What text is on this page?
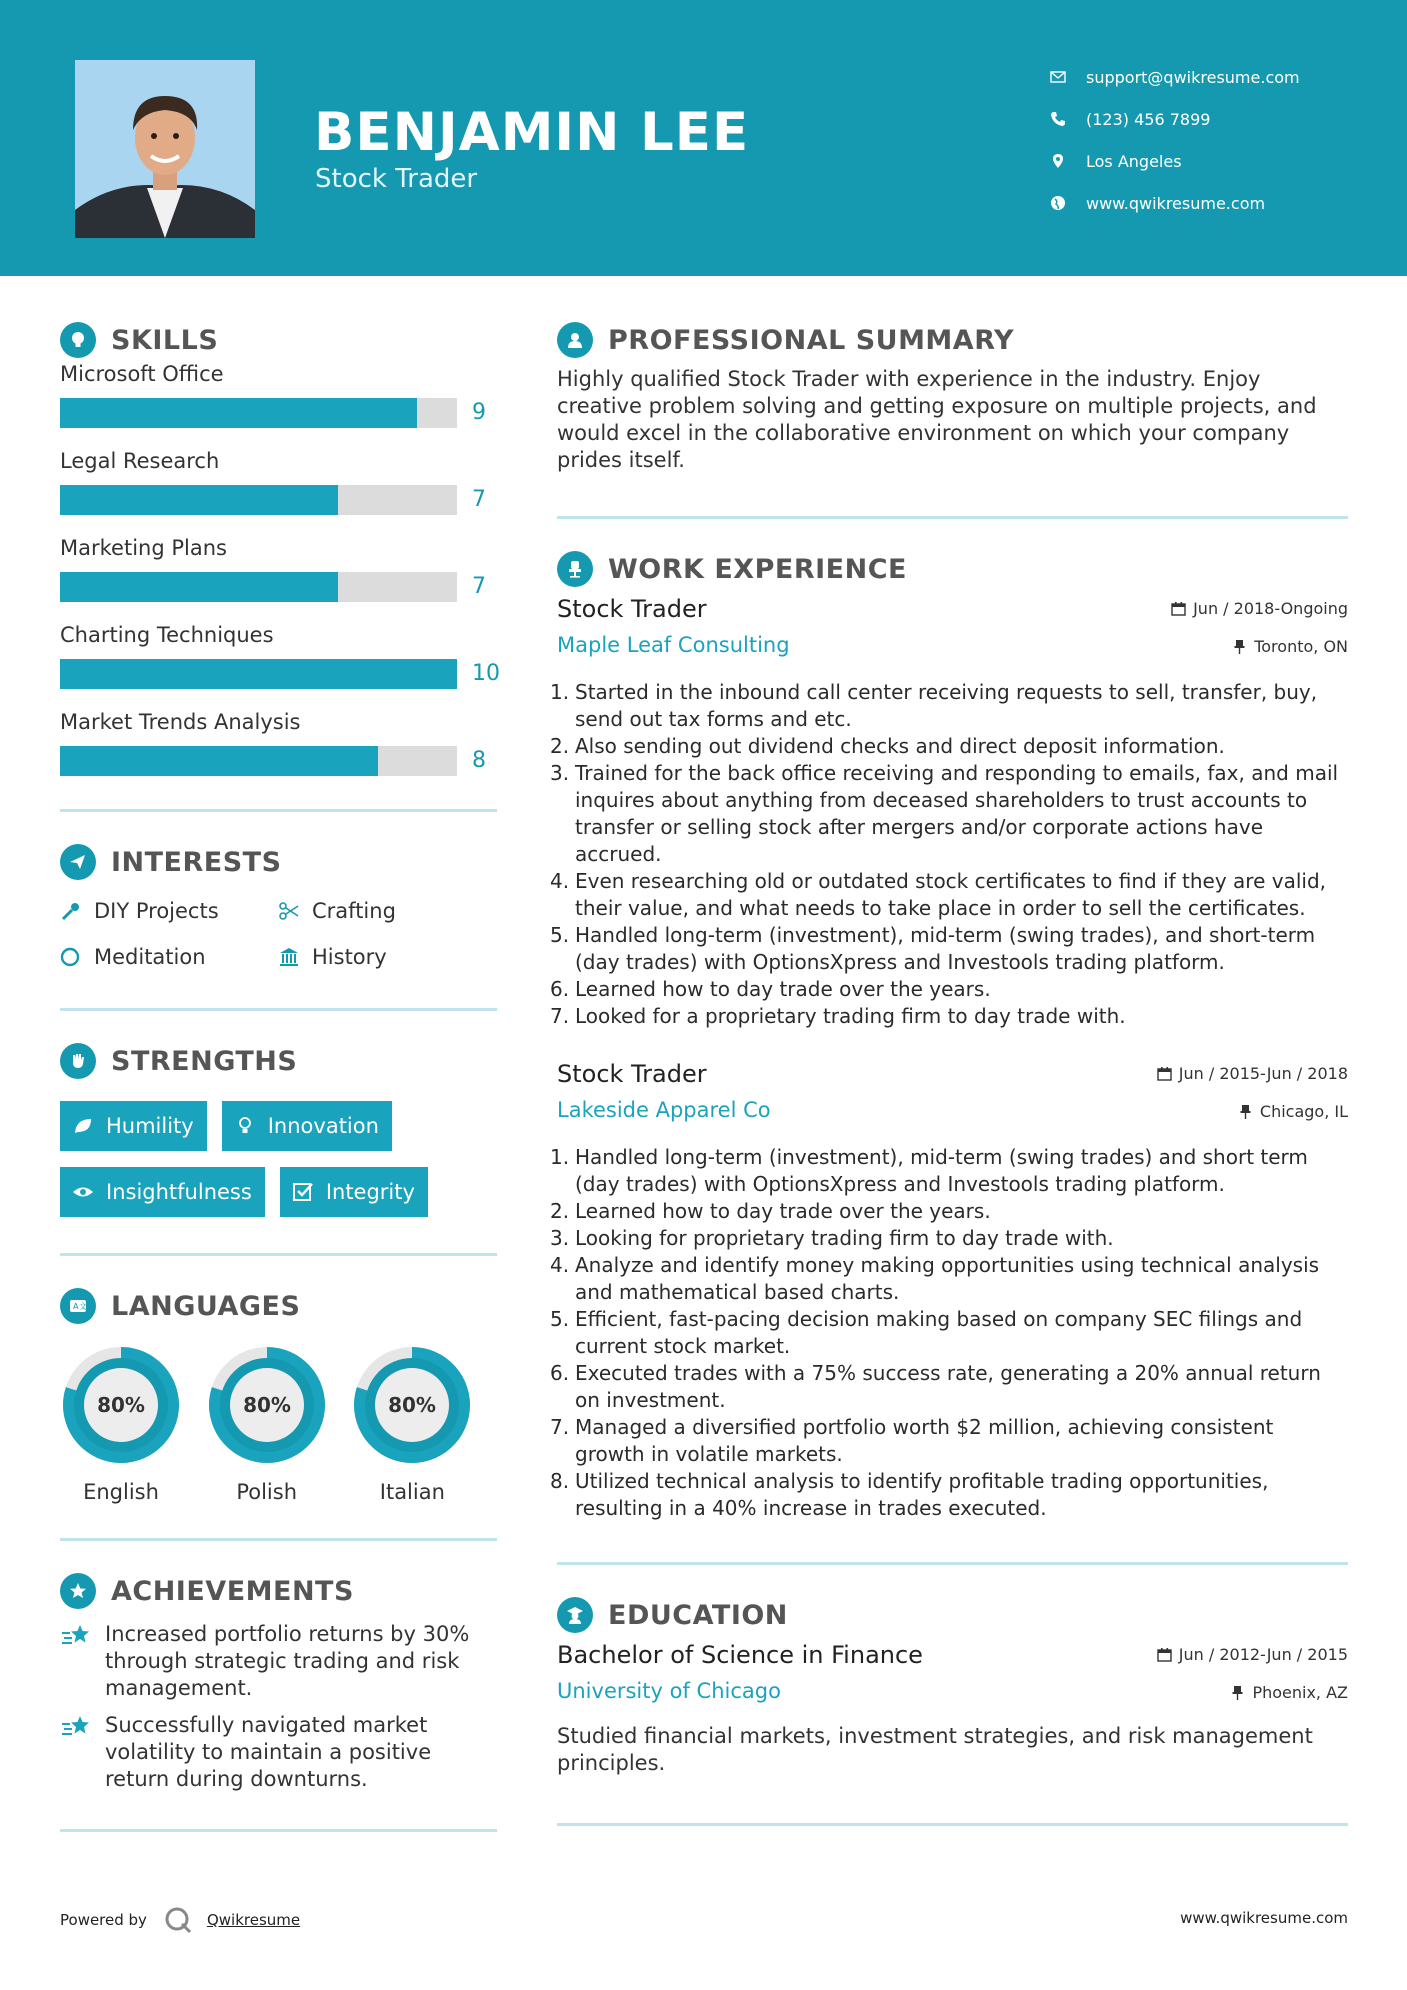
BENJAMIN LEE
Stock Trader
support@qwikresume.com
(123) 456 7899
Los Angeles
www.qwikresume.com
SKILLS
Microsoft Office
9
Legal Research
7
Marketing Plans
7
Charting Techniques
10
Market Trends Analysis
8
INTERESTS
DIY Projects	Crafting
Meditation	History
STRENGTHS
Humility	Innovation
Insightfulness	Integrity
A 文 LANGUAGES
80%
English
80%
Polish
80%
Italian
ACHIEVEMENTS
Increased portfolio returns by 30% through strategic trading and risk management.
Successfully navigated market volatility to maintain a positive return during downturns.
PROFESSIONAL SUMMARY
Highly qualified Stock Trader with experience in the industry. Enjoy creative problem solving and getting exposure on multiple projects, and would excel in the collaborative environment on which your company prides itself.
WORK EXPERIENCE
Stock Trader
Maple Leaf Consulting
Jun / 2018-Ongoing
Toronto, ON
1. Started in the inbound call center receiving requests to sell, transfer, buy, send out tax forms and etc.
2. Also sending out dividend checks and direct deposit information.
3. Trained for the back office receiving and responding to emails, fax, and mail inquires about anything from deceased shareholders to trust accounts to transfer or selling stock after mergers and/or corporate actions have accrued.
4. Even researching old or outdated stock certificates to find if they are valid, their value, and what needs to take place in order to sell the certificates.
5. Handled long-term (investment), mid-term (swing trades), and short-term (day trades) with OptionsXpress and Investools trading platform.
6. Learned how to day trade over the years.
7. Looked for a proprietary trading firm to day trade with.
Stock Trader
Lakeside Apparel Co
Jun / 2015-Jun / 2018
Chicago, IL
1. Handled long-term (investment), mid-term (swing trades) and short term (day trades) with OptionsXpress and Investools trading platform.
2. Learned how to day trade over the years.
3. Looking for proprietary trading firm to day trade with.
4. Analyze and identify money making opportunities using technical analysis and mathematical based charts.
5. Efficient, fast-pacing decision making based on company SEC filings and current stock market.
6. Executed trades with a 75% success rate, generating a 20% annual return on investment.
7. Managed a diversified portfolio worth $2 million, achieving consistent growth in volatile markets.
8. Utilized technical analysis to identify profitable trading opportunities, resulting in a 40% increase in trades executed.
EDUCATION
Bachelor of Science in Finance
University of Chicago
Jun / 2012-Jun / 2015
Phoenix, AZ
Studied financial markets, investment strategies, and risk management principles.
Powered by	Qwikresume	www.qwikresume.com
